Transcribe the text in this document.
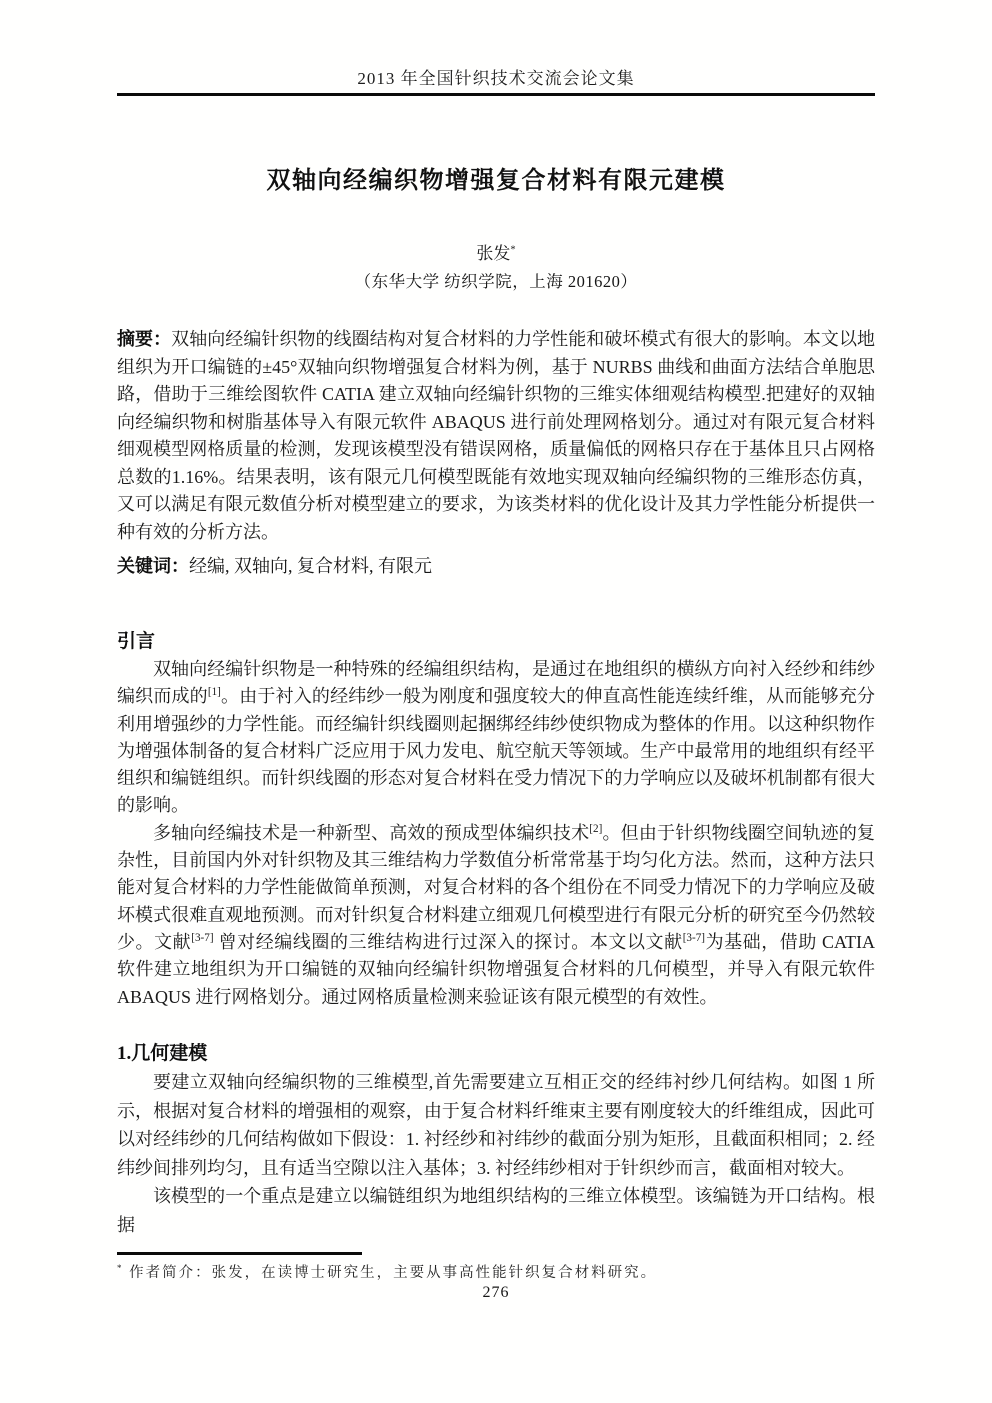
2013 年全国针织技术交流会论文集
双轴向经编织物增强复合材料有限元建模
张发*
（东华大学 纺织学院，上海 201620）
摘要：双轴向经编针织物的线圈结构对复合材料的力学性能和破坏模式有很大的影响。本文以地组织为开口编链的±45°双轴向织物增强复合材料为例，基于 NURBS 曲线和曲面方法结合单胞思路，借助于三维绘图软件 CATIA 建立双轴向经编针织物的三维实体细观结构模型.把建好的双轴向经编织物和树脂基体导入有限元软件 ABAQUS 进行前处理网格划分。通过对有限元复合材料细观模型网格质量的检测，发现该模型没有错误网格，质量偏低的网格只存在于基体且只占网格总数的1.16%。结果表明，该有限元几何模型既能有效地实现双轴向经编织物的三维形态仿真，又可以满足有限元数值分析对模型建立的要求，为该类材料的优化设计及其力学性能分析提供一种有效的分析方法。
关键词：经编, 双轴向, 复合材料, 有限元
引言

双轴向经编针织物是一种特殊的经编组织结构，是通过在地组织的横纵方向衬入经纱和纬纱编织而成的[1]。由于衬入的经纬纱一般为刚度和强度较大的伸直高性能连续纤维，从而能够充分利用增强纱的力学性能。而经编针织线圈则起捆绑经纬纱使织物成为整体的作用。以这种织物作为增强体制备的复合材料广泛应用于风力发电、航空航天等领域。生产中最常用的地组织有经平组织和编链组织。而针织线圈的形态对复合材料在受力情况下的力学响应以及破坏机制都有很大的影响。

多轴向经编技术是一种新型、高效的预成型体编织技术[2]。但由于针织物线圈空间轨迹的复杂性，目前国内外对针织物及其三维结构力学数值分析常常基于均匀化方法。然而，这种方法只能对复合材料的力学性能做简单预测，对复合材料的各个组份在不同受力情况下的力学响应及破坏模式很难直观地预测。而对针织复合材料建立细观几何模型进行有限元分析的研究至今仍然较少。文献[3-7] 曾对经编线圈的三维结构进行过深入的探讨。本文以文献[3-7]为基础，借助 CATIA 软件建立地组织为开口编链的双轴向经编针织物增强复合材料的几何模型，并导入有限元软件 ABAQUS 进行网格划分。通过网格质量检测来验证该有限元模型的有效性。

1.几何建模

要建立双轴向经编织物的三维模型,首先需要建立互相正交的经纬衬纱几何结构。如图 1 所示，根据对复合材料的增强相的观察，由于复合材料纤维束主要有刚度较大的纤维组成，因此可以对经纬纱的几何结构做如下假设：1. 衬经纱和衬纬纱的截面分别为矩形，且截面积相同；2. 经纬纱间排列均匀，且有适当空隙以注入基体；3. 衬经纬纱相对于针织纱而言，截面相对较大。

该模型的一个重点是建立以编链组织为地组织结构的三维立体模型。该编链为开口结构。根据

* 作者简介：张发，在读博士研究生，主要从事高性能针织复合材料研究。
276
